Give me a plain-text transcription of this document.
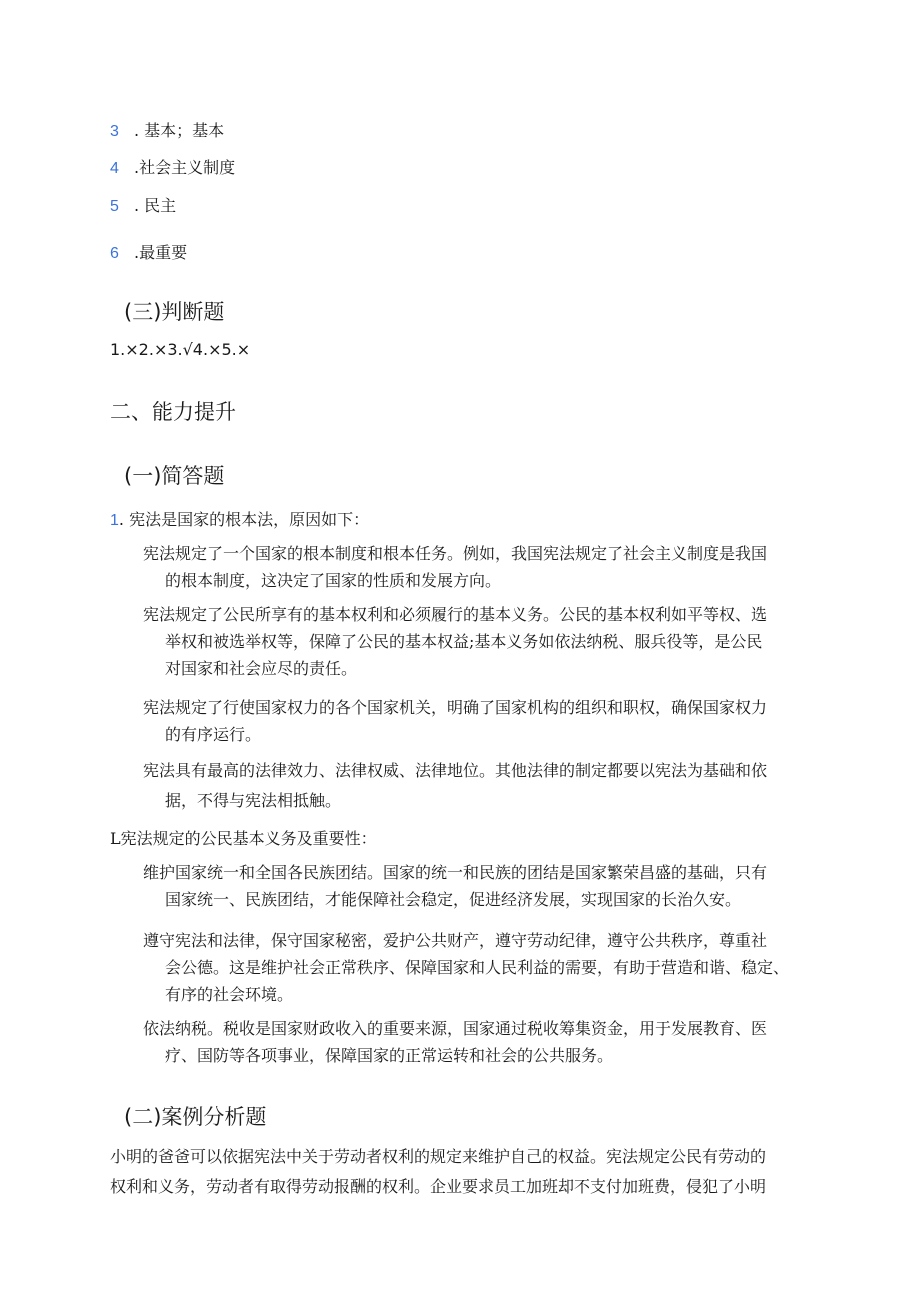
3 . 基本；基本
4 .社会主义制度
5 . 民主
6 .最重要
(三)判断题
1.×2.×3.√4.×5.×
二、能力提升
(一)简答题
1. 宪法是国家的根本法，原因如下：
宪法规定了一个国家的根本制度和根本任务。例如，我国宪法规定了社会主义制度是我国
的根本制度，这决定了国家的性质和发展方向。
宪法规定了公民所享有的基本权利和必须履行的基本义务。公民的基本权利如平等权、选
举权和被选举权等，保障了公民的基本权益;基本义务如依法纳税、服兵役等，是公民
对国家和社会应尽的责任。
宪法规定了行使国家权力的各个国家机关，明确了国家机构的组织和职权，确保国家权力
的有序运行。
宪法具有最高的法律效力、法律权威、法律地位。其他法律的制定都要以宪法为基础和依
据，不得与宪法相抵触。
L宪法规定的公民基本义务及重要性：
维护国家统一和全国各民族团结。国家的统一和民族的团结是国家繁荣昌盛的基础，只有
国家统一、民族团结，才能保障社会稳定，促进经济发展，实现国家的长治久安。
遵守宪法和法律，保守国家秘密，爱护公共财产，遵守劳动纪律，遵守公共秩序，尊重社
会公德。这是维护社会正常秩序、保障国家和人民利益的需要，有助于营造和谐、稳定、
有序的社会环境。
依法纳税。税收是国家财政收入的重要来源，国家通过税收筹集资金，用于发展教育、医
疗、国防等各项事业，保障国家的正常运转和社会的公共服务。
(二)案例分析题
小明的爸爸可以依据宪法中关于劳动者权利的规定来维护自己的权益。宪法规定公民有劳动的
权利和义务，劳动者有取得劳动报酬的权利。企业要求员工加班却不支付加班费，侵犯了小明
